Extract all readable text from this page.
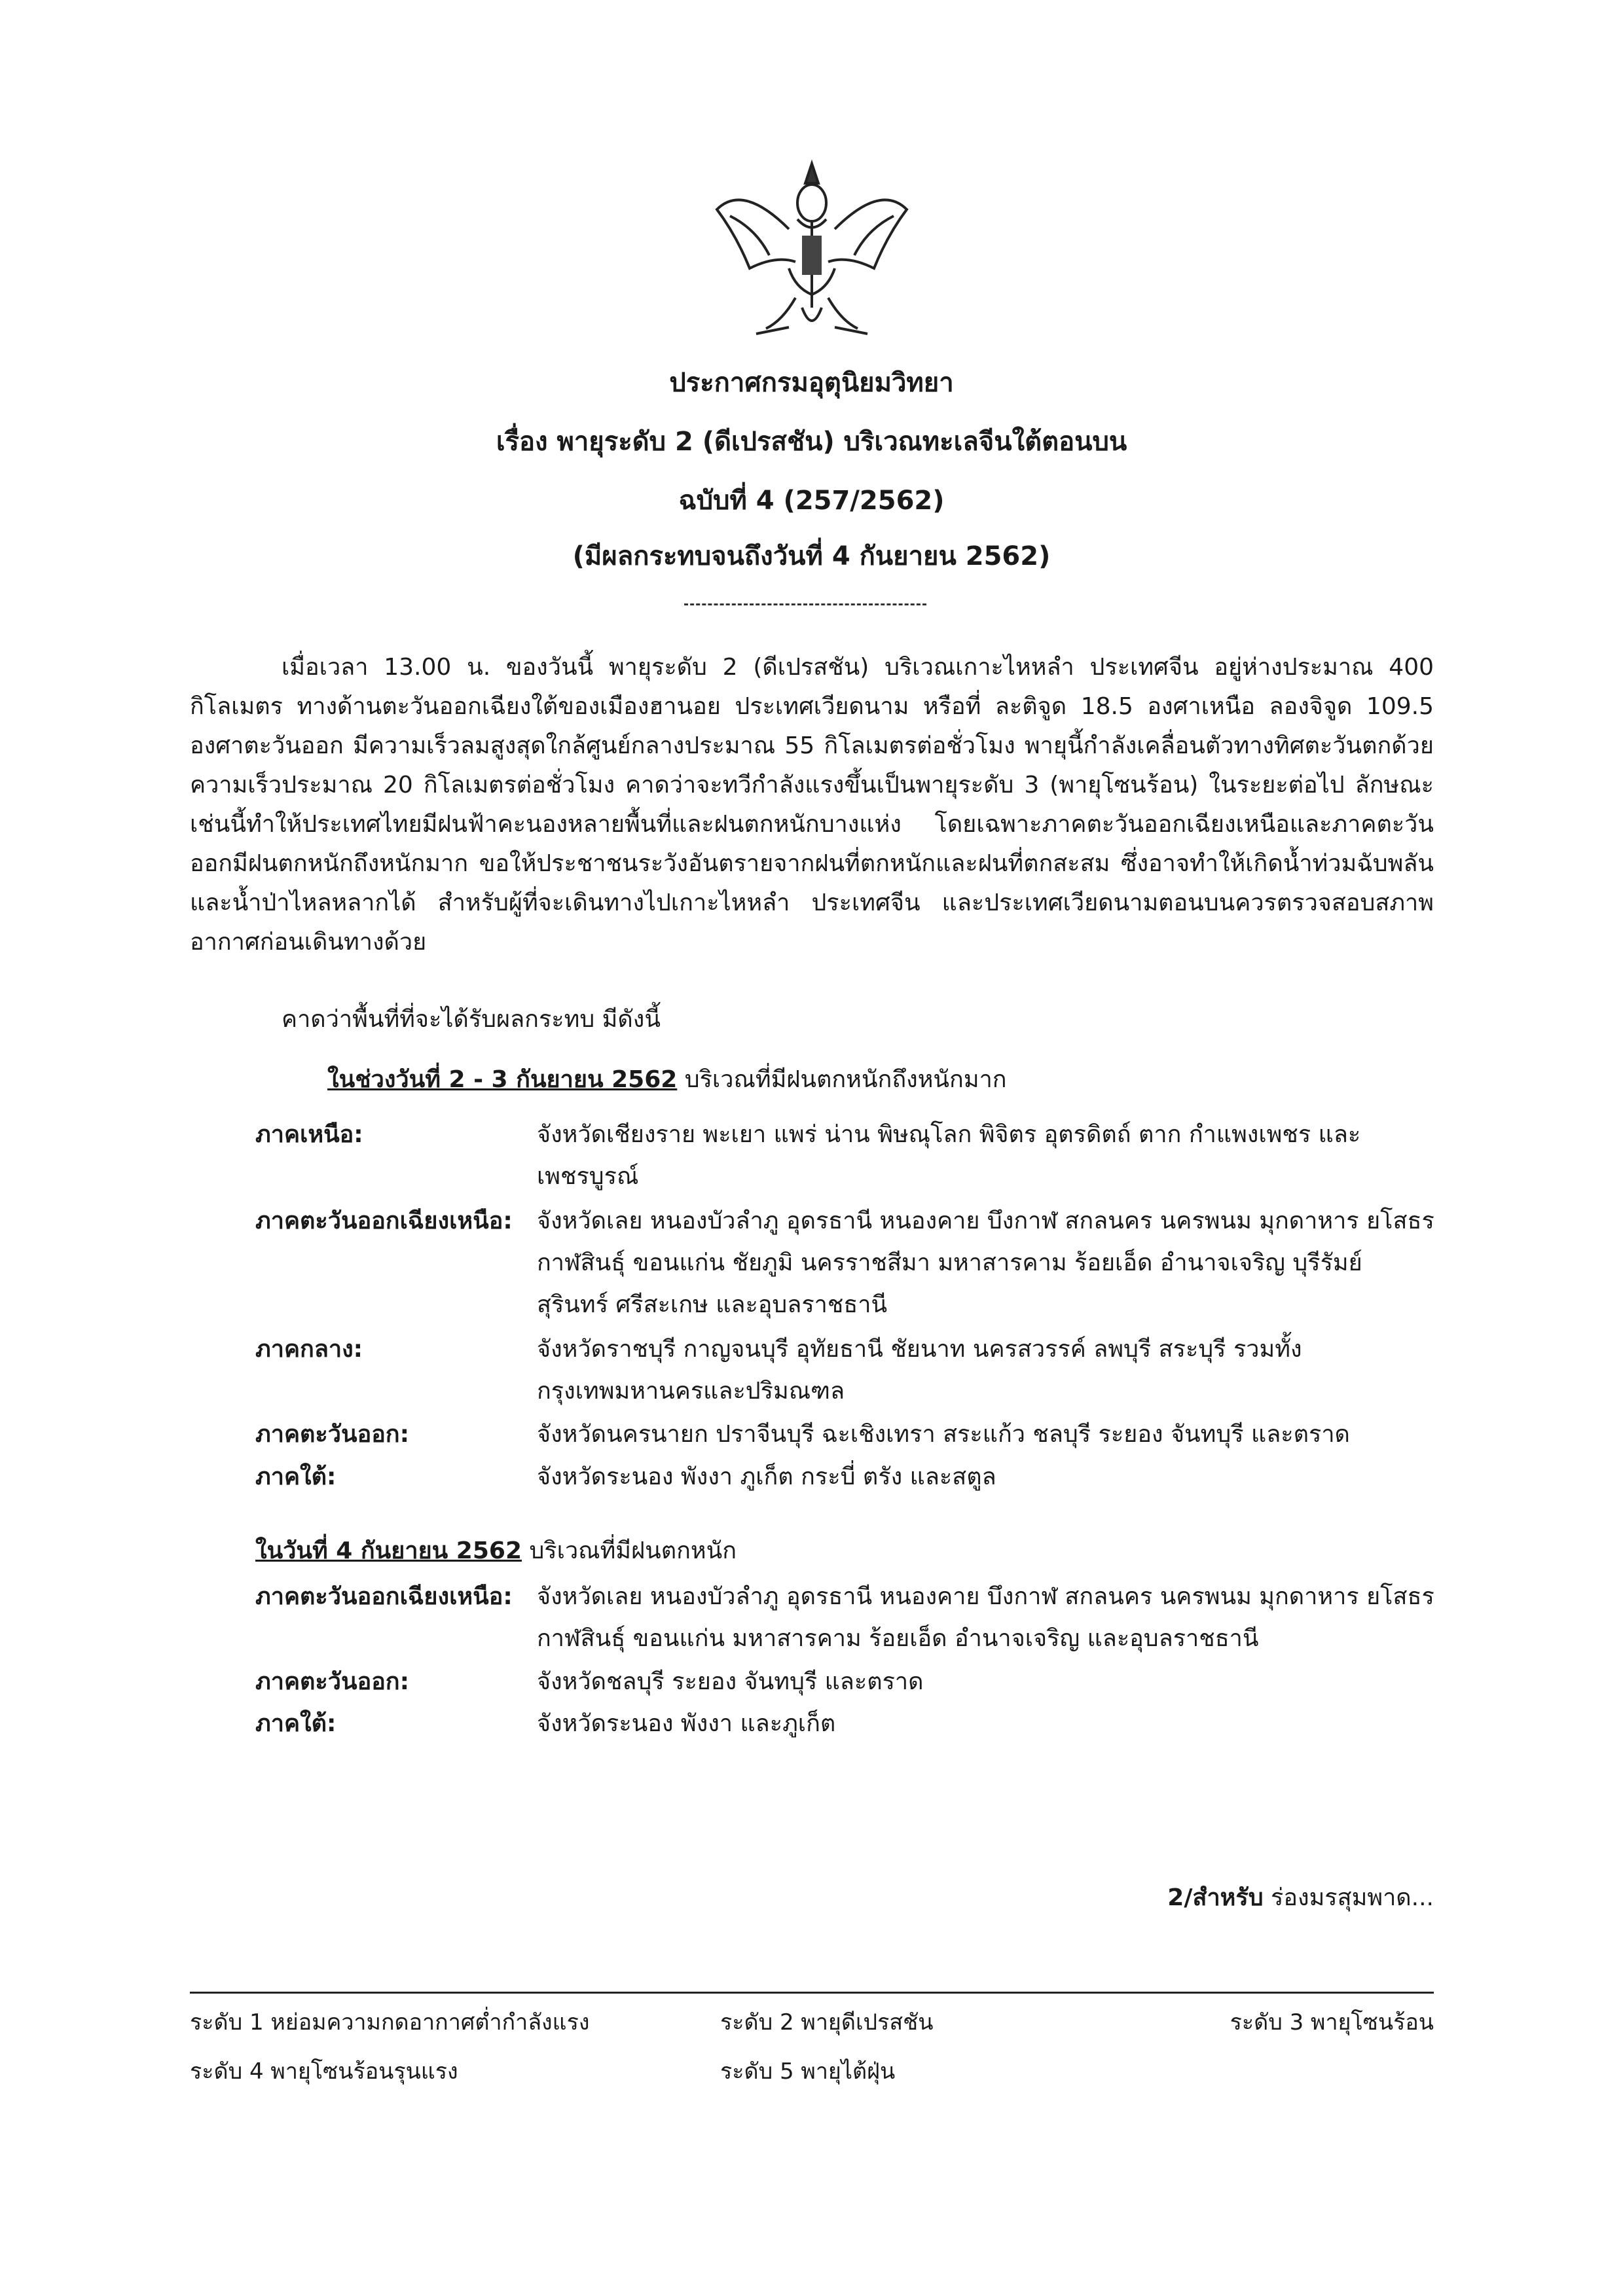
ประกาศกรมอุตุนิยมวิทยา
เรื่อง พายุระดับ 2 (ดีเปรสชัน) บริเวณทะเลจีนใต้ตอนบน
ฉบับที่ 4 (257/2562)
(มีผลกระทบจนถึงวันที่ 4 กันยายน 2562)
เมื่อเวลา 13.00 น. ของวันนี้ พายุระดับ 2 (ดีเปรสชัน) บริเวณเกาะไหหลำ ประเทศจีน อยู่ห่างประมาณ 400 กิโลเมตร ทางด้านตะวันออกเฉียงใต้ของเมืองฮานอย ประเทศเวียดนาม หรือที่ ละติจูด 18.5 องศาเหนือ ลองจิจูด 109.5 องศาตะวันออก มีความเร็วลมสูงสุดใกล้ศูนย์กลางประมาณ 55 กิโลเมตรต่อชั่วโมง พายุนี้กำลังเคลื่อนตัวทางทิศตะวันตกด้วยความเร็วประมาณ 20 กิโลเมตรต่อชั่วโมง คาดว่าจะทวีกำลังแรงขึ้นเป็นพายุระดับ 3 (พายุโซนร้อน) ในระยะต่อไป ลักษณะเช่นนี้ทำให้ประเทศไทยมีฝนฟ้าคะนองหลายพื้นที่และฝนตกหนักบางแห่ง โดยเฉพาะภาคตะวันออกเฉียงเหนือและภาคตะวันออกมีฝนตกหนักถึงหนักมาก ขอให้ประชาชนระวังอันตรายจากฝนที่ตกหนักและฝนที่ตกสะสม ซึ่งอาจทำให้เกิดน้ำท่วมฉับพลันและน้ำป่าไหลหลากได้ สำหรับผู้ที่จะเดินทางไปเกาะไหหลำ ประเทศจีน และประเทศเวียดนามตอนบนควรตรวจสอบสภาพอากาศก่อนเดินทางด้วย
คาดว่าพื้นที่ที่จะได้รับผลกระทบ มีดังนี้
ในช่วงวันที่ 2 - 3 กันยายน 2562 บริเวณที่มีฝนตกหนักถึงหนักมาก
ภาคเหนือ:	จังหวัดเชียงราย พะเยา แพร่ น่าน พิษณุโลก พิจิตร อุตรดิตถ์ ตาก กำแพงเพชร และเพชรบูรณ์
ภาคตะวันออกเฉียงเหนือ: จังหวัดเลย หนองบัวลำภู อุดรธานี หนองคาย บึงกาฬ สกลนคร นครพนม มุกดาหาร ยโสธร กาฬสินธุ์ ขอนแก่น ชัยภูมิ นครราชสีมา มหาสารคาม ร้อยเอ็ด อำนาจเจริญ บุรีรัมย์ สุรินทร์ ศรีสะเกษ และอุบลราชธานี
ภาคกลาง:	จังหวัดราชบุรี กาญจนบุรี อุทัยธานี ชัยนาท นครสวรรค์ ลพบุรี สระบุรี รวมทั้งกรุงเทพมหานครและปริมณฑล
ภาคตะวันออก:	จังหวัดนครนายก ปราจีนบุรี ฉะเชิงเทรา สระแก้ว ชลบุรี ระยอง จันทบุรี และตราด
ภาคใต้:	จังหวัดระนอง พังงา ภูเก็ต กระบี่ ตรัง และสตูล
ในวันที่ 4 กันยายน 2562 บริเวณที่มีฝนตกหนัก
ภาคตะวันออกเฉียงเหนือ: จังหวัดเลย หนองบัวลำภู อุดรธานี หนองคาย บึงกาฬ สกลนคร นครพนม มุกดาหาร ยโสธร กาฬสินธุ์ ขอนแก่น มหาสารคาม ร้อยเอ็ด อำนาจเจริญ และอุบลราชธานี
ภาคตะวันออก:	จังหวัดชลบุรี ระยอง จันทบุรี และตราด
ภาคใต้:	จังหวัดระนอง พังงา และภูเก็ต
2/สำหรับ ร่องมรสุมพาด...
ระดับ 1 หย่อมความกดอากาศต่ำกำลังแรง	ระดับ 2 พายุดีเปรสชัน	ระดับ 3 พายุโซนร้อน
ระดับ 4 พายุโซนร้อนรุนแรง	ระดับ 5 พายุไต้ฝุ่น
